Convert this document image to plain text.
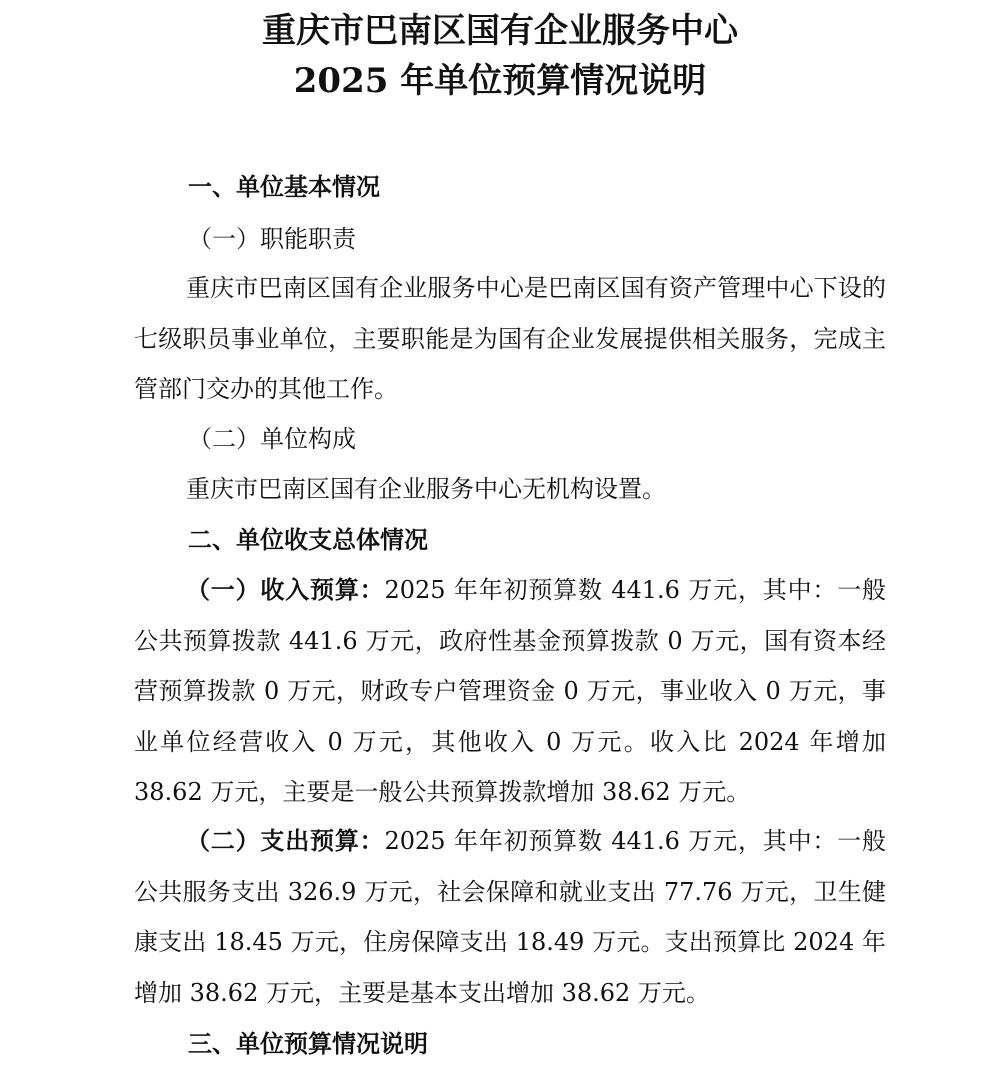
重庆市巴南区国有企业服务中心
2025 年单位预算情况说明
一、单位基本情况
（一）职能职责

重庆市巴南区国有企业服务中心是巴南区国有资产管理中心下设的七级职员事业单位，主要职能是为国有企业发展提供相关服务，完成主管部门交办的其他工作。

（二）单位构成

重庆市巴南区国有企业服务中心无机构设置。

二、单位收支总体情况

（一）收入预算：2025 年年初预算数 441.6 万元，其中：一般公共预算拨款 441.6 万元，政府性基金预算拨款 0 万元，国有资本经营预算拨款 0 万元，财政专户管理资金 0 万元，事业收入 0 万元，事业单位经营收入 0 万元，其他收入 0 万元。收入比 2024 年增加 38.62 万元，主要是一般公共预算拨款增加 38.62 万元。

（二）支出预算：2025 年年初预算数 441.6 万元，其中：一般公共服务支出 326.9 万元，社会保障和就业支出 77.76 万元，卫生健康支出 18.45 万元，住房保障支出 18.49 万元。支出预算比 2024 年增加 38.62 万元，主要是基本支出增加 38.62 万元。

三、单位预算情况说明
